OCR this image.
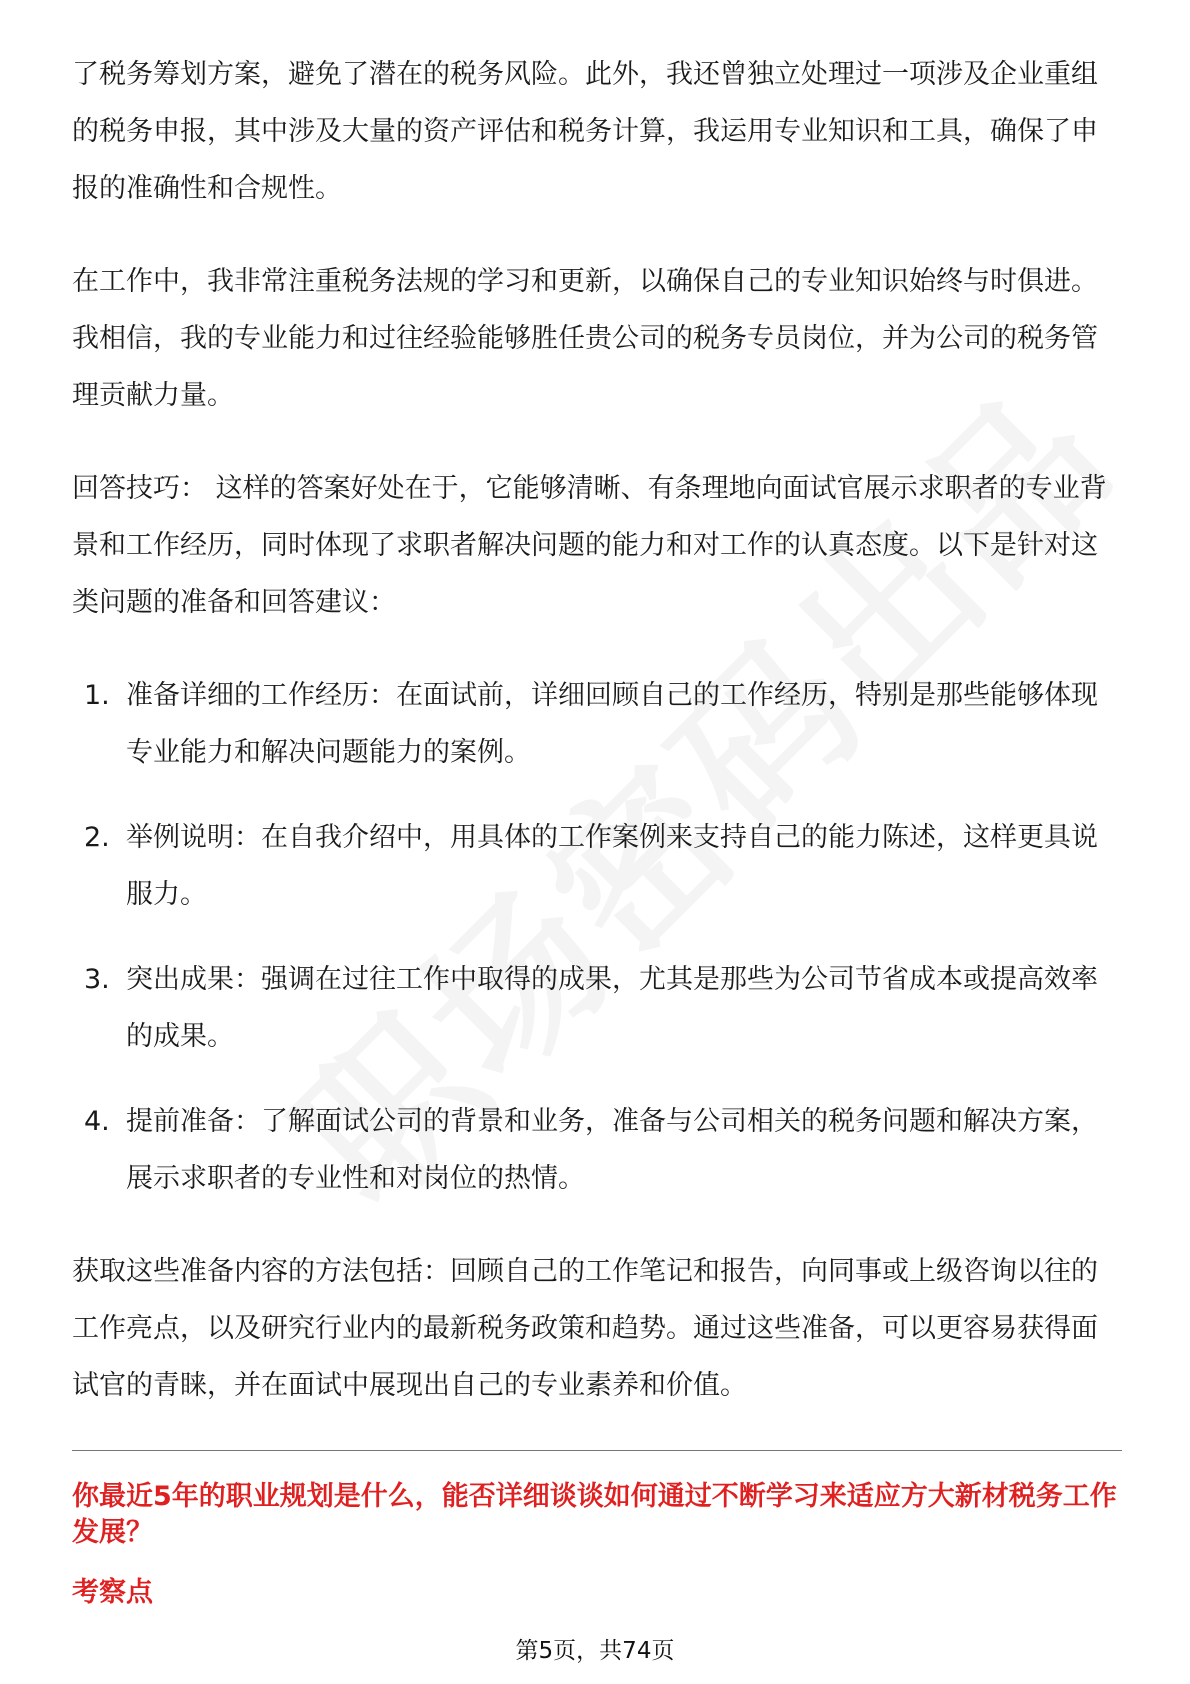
了税务筹划方案，避免了潜在的税务风险。此外，我还曾独立处理过一项涉及企业重组的税务申报，其中涉及大量的资产评估和税务计算，我运用专业知识和工具，确保了申报的准确性和合规性。

在工作中，我非常注重税务法规的学习和更新，以确保自己的专业知识始终与时俱进。我相信，我的专业能力和过往经验能够胜任贵公司的税务专员岗位，并为公司的税务管理贡献力量。

回答技巧： 这样的答案好处在于，它能够清晰、有条理地向面试官展示求职者的专业背景和工作经历，同时体现了求职者解决问题的能力和对工作的认真态度。以下是针对这类问题的准备和回答建议：

1. 准备详细的工作经历：在面试前，详细回顾自己的工作经历，特别是那些能够体现专业能力和解决问题能力的案例。
2. 举例说明：在自我介绍中，用具体的工作案例来支持自己的能力陈述，这样更具说服力。
3. 突出成果：强调在过往工作中取得的成果，尤其是那些为公司节省成本或提高效率的成果。
4. 提前准备：了解面试公司的背景和业务，准备与公司相关的税务问题和解决方案，展示求职者的专业性和对岗位的热情。

获取这些准备内容的方法包括：回顾自己的工作笔记和报告，向同事或上级咨询以往的工作亮点，以及研究行业内的最新税务政策和趋势。通过这些准备，可以更容易获得面试官的青睐，并在面试中展现出自己的专业素养和价值。

你最近5年的职业规划是什么，能否详细谈谈如何通过不断学习来适应方大新材税务工作发展？

考察点

第5页，共74页
